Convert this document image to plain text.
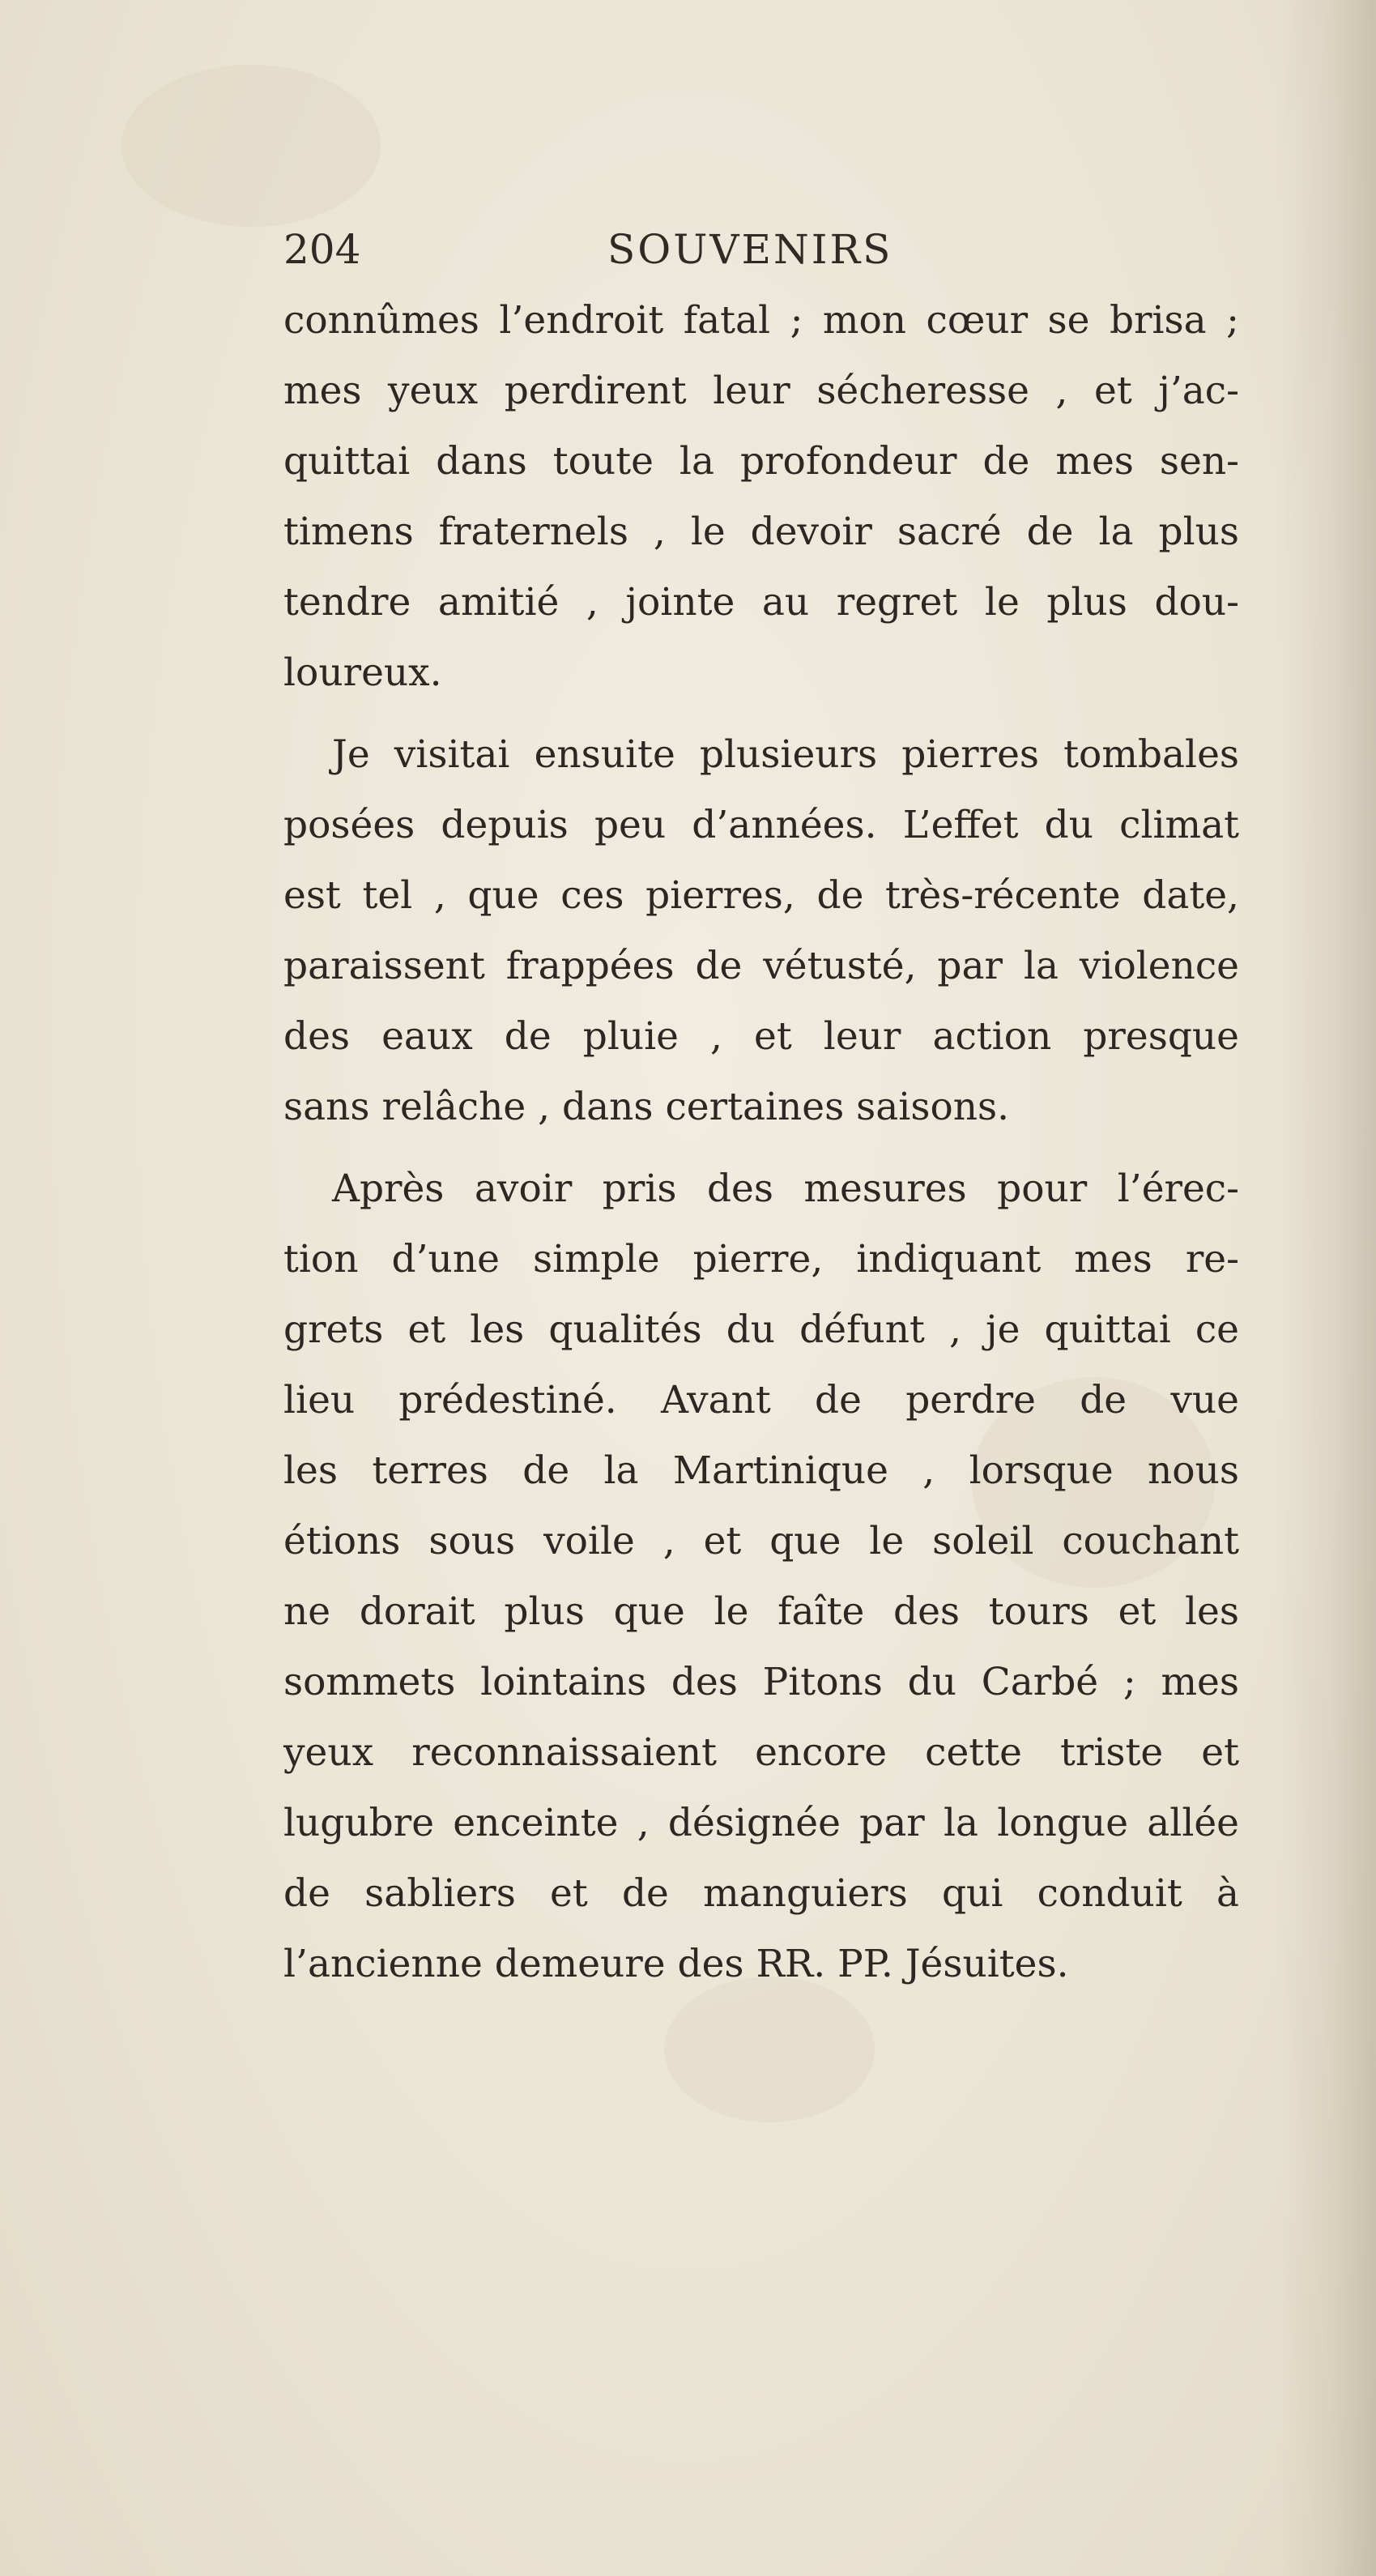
204	SOUVENIRS
connûmes l’endroit fatal ; mon cœur se brisa ;
mes yeux perdirent leur sécheresse , et j’ac-
quittai dans toute la profondeur de mes sen-
timens fraternels , le devoir sacré de la plus
tendre amitié , jointe au regret le plus dou-
loureux.
Je visitai ensuite plusieurs pierres tombales
posées depuis peu d’années. L’effet du climat
est tel , que ces pierres, de très-récente date,
paraissent frappées de vétusté, par la violence
des eaux de pluie , et leur action presque
sans relâche , dans certaines saisons.
Après avoir pris des mesures pour l’érec-
tion d’une simple pierre, indiquant mes re-
grets et les qualités du défunt , je quittai ce
lieu prédestiné. Avant de perdre de vue
les terres de la Martinique , lorsque nous
étions sous voile , et que le soleil couchant
ne dorait plus que le faîte des tours et les
sommets lointains des Pitons du Carbé ; mes
yeux reconnaissaient encore cette triste et
lugubre enceinte , désignée par la longue allée
de sabliers et de manguiers qui conduit à
l’ancienne demeure des RR. PP. Jésuites.
